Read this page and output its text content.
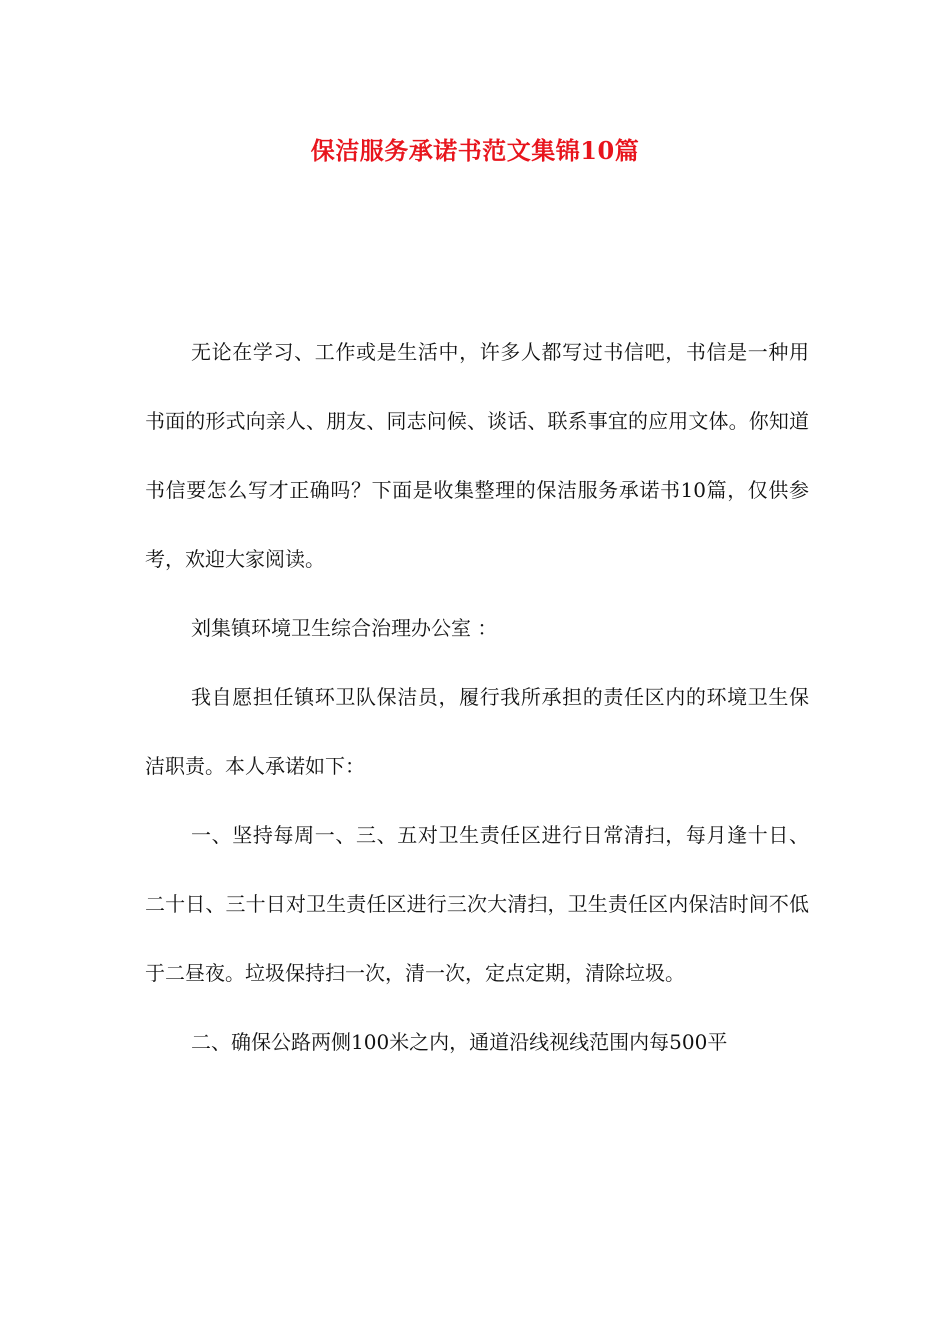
保洁服务承诺书范文集锦10篇

无论在学习、工作或是生活中，许多人都写过书信吧，书信是一种用书面的形式向亲人、朋友、同志问候、谈话、联系事宜的应用文体。你知道书信要怎么写才正确吗？下面是收集整理的保洁服务承诺书10篇，仅供参考，欢迎大家阅读。

刘集镇环境卫生综合治理办公室 ：

我自愿担任镇环卫队保洁员，履行我所承担的责任区内的环境卫生保洁职责。本人承诺如下：

一、坚持每周一、三、五对卫生责任区进行日常清扫，每月逢十日、二十日、三十日对卫生责任区进行三次大清扫，卫生责任区内保洁时间不低于二昼夜。垃圾保持扫一次，清一次，定点定期，清除垃圾。

二、确保公路两侧100米之内，通道沿线视线范围内每500平
